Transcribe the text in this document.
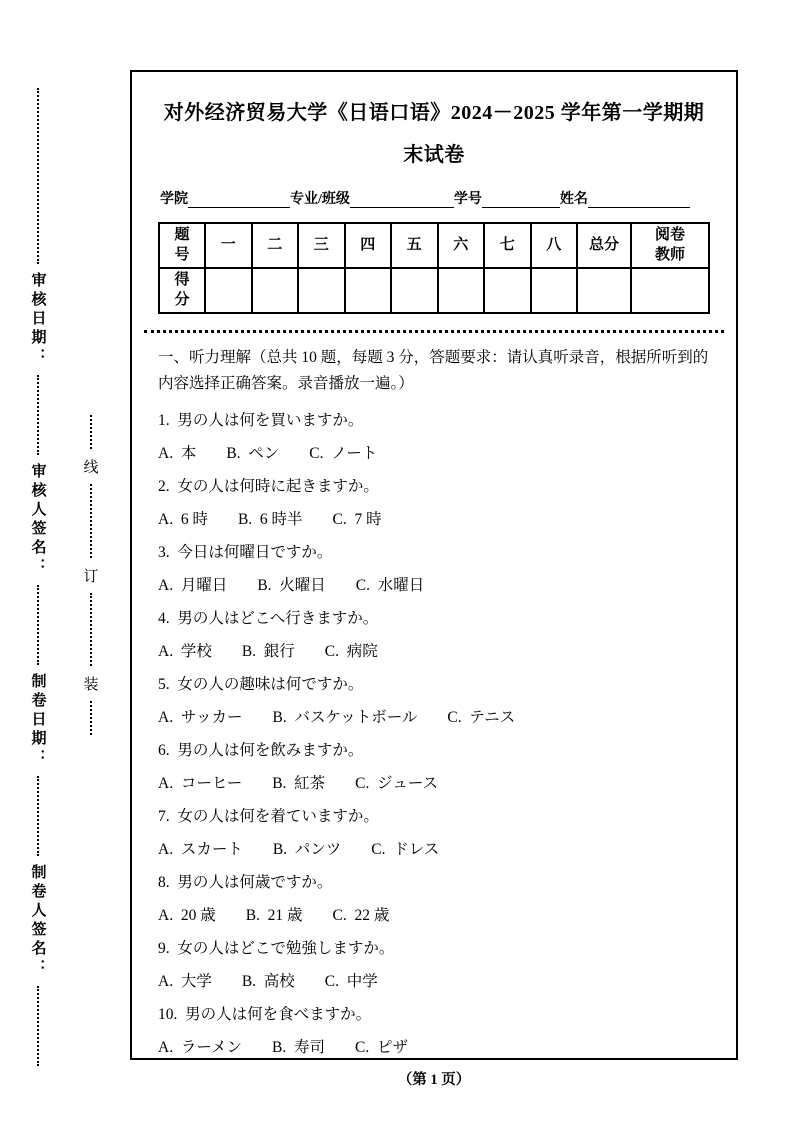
审核日期：
审核人签名：
制卷日期：
制卷人签名：
线
订
装
对外经济贸易大学《日语口语》2024－2025 学年第一学期期末试卷
学院	专业/班级	学号	姓名
题号	一	二	三	四	五	六	七	八	总分	阅卷教师
得分										
一、听力理解（总共 10 题，每题 3 分，答题要求：请认真听录音，根据所听到的内容选择正确答案。录音播放一遍。）
1. 男の人は何を買いますか。
A. 本 B. ペン C. ノート
2. 女の人は何時に起きますか。
A. 6 時 B. 6 時半 C. 7 時
3. 今日は何曜日ですか。
A. 月曜日 B. 火曜日 C. 水曜日
4. 男の人はどこへ行きますか。
A. 学校 B. 銀行 C. 病院
5. 女の人の趣味は何ですか。
A. サッカー B. バスケットボール C. テニス
6. 男の人は何を飲みますか。
A. コーヒー B. 紅茶 C. ジュース
7. 女の人は何を着ていますか。
A. スカート B. パンツ C. ドレス
8. 男の人は何歳ですか。
A. 20 歳 B. 21 歳 C. 22 歳
9. 女の人はどこで勉強しますか。
A. 大学 B. 高校 C. 中学
10. 男の人は何を食べますか。
A. ラーメン B. 寿司 C. ピザ
（第 1 页）
